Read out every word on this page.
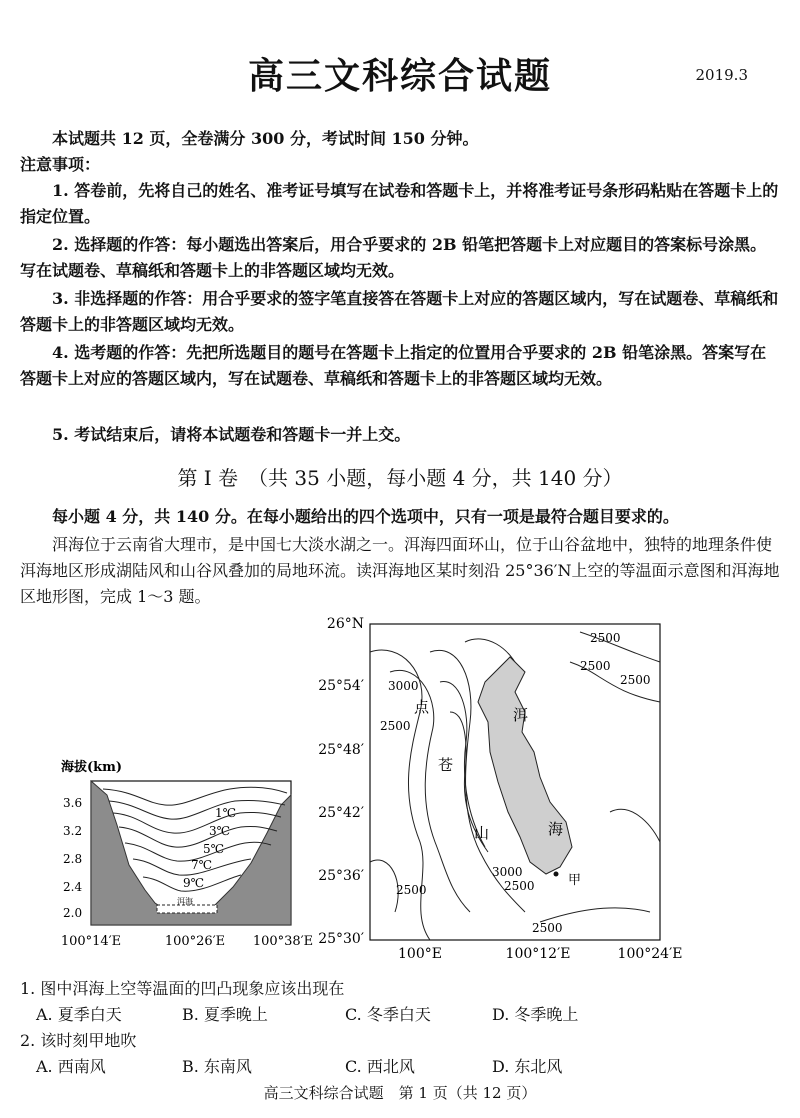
高三文科综合试题	2019.3
本试题共 12 页，全卷满分 300 分，考试时间 150 分钟。
注意事项：
1. 答卷前，先将自己的姓名、准考证号填写在试卷和答题卡上，并将准考证号条形码粘贴在答题卡上的指定位置。
2. 选择题的作答：每小题选出答案后，用合乎要求的 2B 铅笔把答题卡上对应题目的答案标号涂黑。写在试题卷、草稿纸和答题卡上的非答题区域均无效。
3. 非选择题的作答：用合乎要求的签字笔直接答在答题卡上对应的答题区域内，写在试题卷、草稿纸和答题卡上的非答题区域均无效。
4. 选考题的作答：先把所选题目的题号在答题卡上指定的位置用合乎要求的 2B 铅笔涂黑。答案写在答题卡上对应的答题区域内，写在试题卷、草稿纸和答题卡上的非答题区域均无效。
5. 考试结束后，请将本试题卷和答题卡一并上交。
第 Ⅰ 卷　（共 35 小题，每小题 4 分，共 140 分）
每小题 4 分，共 140 分。在每小题给出的四个选项中，只有一项是最符合题目要求的。
洱海位于云南省大理市，是中国七大淡水湖之一。洱海四面环山，位于山谷盆地中，独特的地理条件使洱海地区形成湖陆风和山谷风叠加的局地环流。读洱海地区某时刻沿 25°36′N上空的等温面示意图和洱海地区地形图，完成 1～3 题。
海拔(km)
洱海
1℃
3℃
5℃
7℃
9℃
3.6
3.2
2.8
2.4
2.0
100°14′E	100°26′E 100°38′E
点
苍
山
洱
海
甲
2500
2500
2500
3000
2500
3000
2500
2500
2500
26°N
25°54′
25°48′
25°42′
25°36′
25°30′
100°E	100°12′E	100°24′E
1. 图中洱海上空等温面的凹凸现象应该出现在
A. 夏季白天	B. 夏季晚上	C. 冬季白天	D. 冬季晚上
2. 该时刻甲地吹
A. 西南风	B. 东南风	C. 西北风	D. 东北风
高三文科综合试题　第 1 页（共 12 页）
